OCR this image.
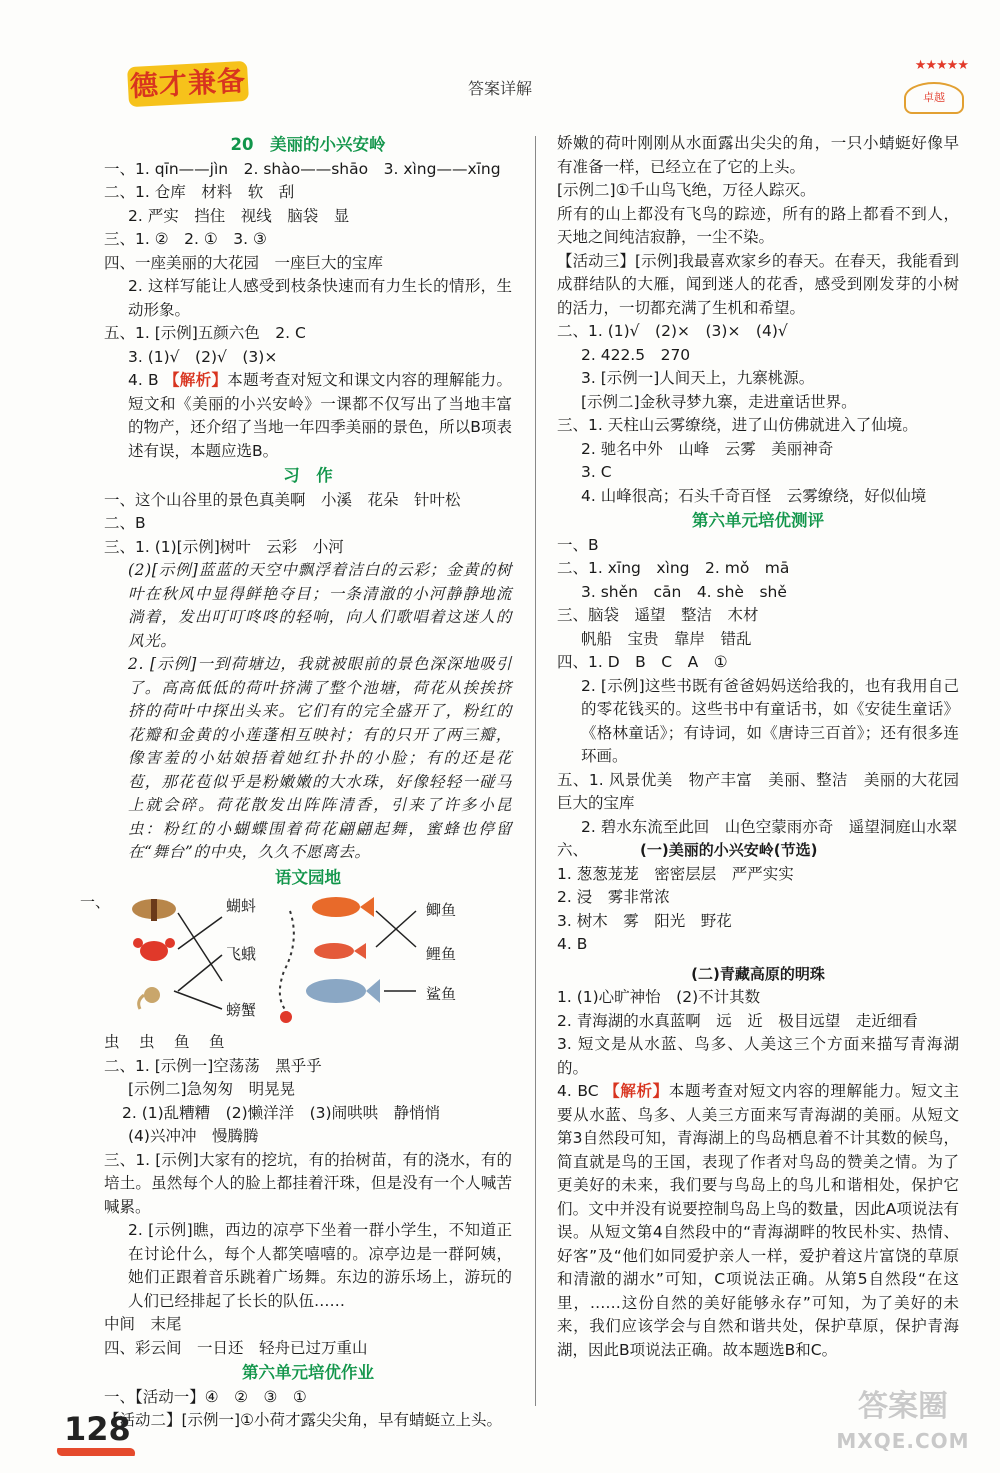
德才兼备	答案详解
★★★★★
卓越
20　美丽的小兴安岭
一、1. qīn——jìn　2. shào——shāo　3. xìng——xīng
二、1. 仓库　材料　软　刮
2. 严实　挡住　视线　脑袋　显
三、1. ②　2. ①　3. ③
四、一座美丽的大花园　一座巨大的宝库
2. 这样写能让人感受到枝条快速而有力生长的情形，生动形象。
五、1. [示例]五颜六色　2. C
3. (1)√　(2)√　(3)×
4. B 【解析】本题考查对短文和课文内容的理解能力。短文和《美丽的小兴安岭》一课都不仅写出了当地丰富的物产，还介绍了当地一年四季美丽的景色，所以B项表述有误，本题应选B。
习　作
一、这个山谷里的景色真美啊　小溪　花朵　针叶松
二、B
三、1. (1)[示例]树叶　云彩　小河
(2)[示例]蓝蓝的天空中飘浮着洁白的云彩；金黄的树叶在秋风中显得鲜艳夺目；一条清澈的小河静静地流淌着，发出叮叮咚咚的轻响，向人们歌唱着这迷人的风光。
2. [示例]一到荷塘边，我就被眼前的景色深深地吸引了。高高低低的荷叶挤满了整个池塘，荷花从挨挨挤挤的荷叶中探出头来。它们有的完全盛开了，粉红的花瓣和金黄的小莲蓬相互映衬；有的只开了两三瓣，像害羞的小姑娘捂着她红扑扑的小脸；有的还是花苞，那花苞似乎是粉嫩嫩的大水珠，好像轻轻一碰马上就会碎。荷花散发出阵阵清香，引来了许多小昆虫：粉红的小蝴蝶围着荷花翩翩起舞，蜜蜂也停留在“舞台”的中央，久久不愿离去。
语文园地
蝴蚪
飞蛾
螃蟹
鲫鱼
鲤鱼
鲨鱼
一、
虫　虫　鱼　鱼
二、1. [示例一]空荡荡　黑乎乎
[示例二]急匆匆　明晃晃
2. (1)乱糟糟　(2)懒洋洋　(3)闹哄哄　静悄悄
(4)兴冲冲　慢腾腾
三、1. [示例]大家有的挖坑，有的抬树苗，有的浇水，有的培土。虽然每个人的脸上都挂着汗珠，但是没有一个人喊苦喊累。
2. [示例]瞧，西边的凉亭下坐着一群小学生，不知道正在讨论什么，每个人都笑嘻嘻的。凉亭边是一群阿姨，她们正跟着音乐跳着广场舞。东边的游乐场上，游玩的人们已经排起了长长的队伍……
中间　末尾
四、彩云间　一日还　轻舟已过万重山
第六单元培优作业
一、【活动一】④　②　③　①
【活动二】[示例一]①小荷才露尖尖角，早有蜻蜓立上头。
娇嫩的荷叶刚刚从水面露出尖尖的角，一只小蜻蜓好像早有准备一样，已经立在了它的上头。
[示例二]①千山鸟飞绝，万径人踪灭。
所有的山上都没有飞鸟的踪迹，所有的路上都看不到人，天地之间纯洁寂静，一尘不染。
【活动三】[示例]我最喜欢家乡的春天。在春天，我能看到成群结队的大雁，闻到迷人的花香，感受到刚发芽的小树的活力，一切都充满了生机和希望。
二、1. (1)√　(2)×　(3)×　(4)√
2. 422.5　270
3. [示例一]人间天上，九寨桃源。
[示例二]金秋寻梦九寨，走进童话世界。
三、1. 天柱山云雾缭绕，进了山仿佛就进入了仙境。
2. 驰名中外　山峰　云雾　美丽神奇
3. C
4. 山峰很高；石头千奇百怪　云雾缭绕，好似仙境
第六单元培优测评
一、B
二、1. xīng　xìng　2. mǒ　mā
3. shěn　cān　4. shè　shě
三、脑袋　遥望　整洁　木材
帆船　宝贵　靠岸　错乱
四、1. D　B　C　A　①
2. [示例]这些书既有爸爸妈妈送给我的，也有我用自己的零花钱买的。这些书中有童话书，如《安徒生童话》《格林童话》；有诗词，如《唐诗三百首》；还有很多连环画。
五、1. 风景优美　物产丰富　美丽、整洁　美丽的大花园　巨大的宝库
2. 碧水东流至此回　山色空蒙雨亦奇　遥望洞庭山水翠
六、	(一)美丽的小兴安岭(节选)
1. 葱葱茏茏　密密层层　严严实实
2. 浸　雾非常浓
3. 树木　雾　阳光　野花
4. B
(二)青藏高原的明珠
1. (1)心旷神怡　(2)不计其数
2. 青海湖的水真蓝啊　远　近　极目远望　走近细看
3. 短文是从水蓝、鸟多、人美这三个方面来描写青海湖的。
4. BC 【解析】本题考查对短文内容的理解能力。短文主要从水蓝、鸟多、人美三方面来写青海湖的美丽。从短文第3自然段可知，青海湖上的鸟岛栖息着不计其数的候鸟，简直就是鸟的王国，表现了作者对鸟岛的赞美之情。为了更美好的未来，我们要与鸟岛上的鸟儿和谐相处，保护它们。文中并没有说要控制鸟岛上鸟的数量，因此A项说法有误。从短文第4自然段中的“青海湖畔的牧民朴实、热情、好客”及“他们如同爱护亲人一样，爱护着这片富饶的草原和清澈的湖水”可知，C项说法正确。从第5自然段“在这里，……这份自然的美好能够永存”可知，为了美好的未来，我们应该学会与自然和谐共处，保护草原，保护青海湖，因此B项说法正确。故本题选B和C。
128
答案圈
MXQE.COM
